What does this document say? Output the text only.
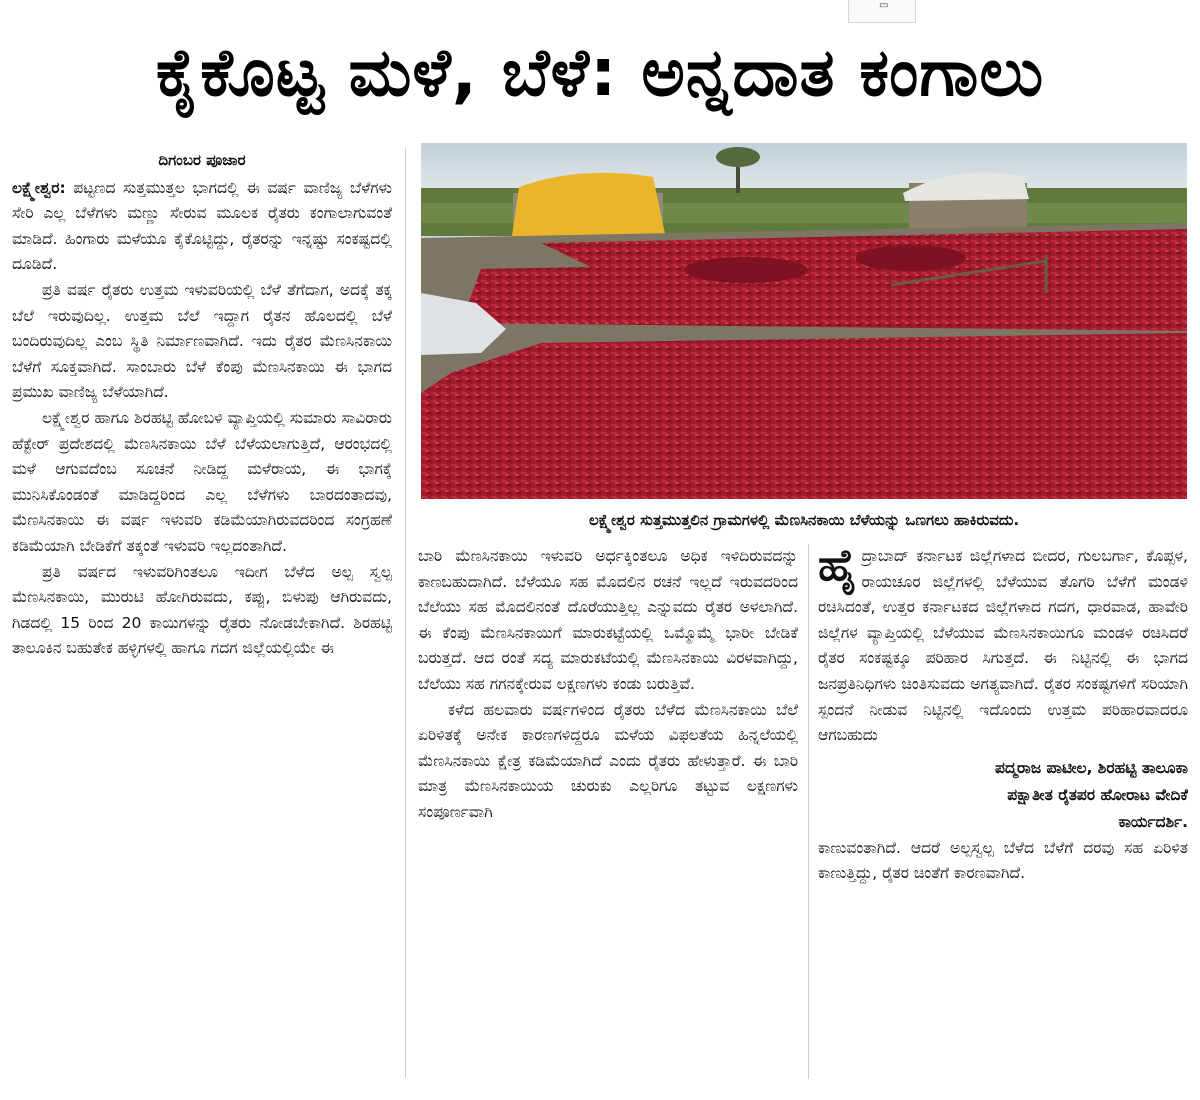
▭
ಕೈಕೊಟ್ಟ ಮಳೆ, ಬೆಳೆ: ಅನ್ನದಾತ ಕಂಗಾಲು
ದಿಗಂಬರ ಪೂಜಾರ

ಲಕ್ಷ್ಮೇಶ್ವರ: ಪಟ್ಟಣದ ಸುತ್ತಮುತ್ತಲ ಭಾಗದಲ್ಲಿ ಈ ವರ್ಷ ವಾಣಿಜ್ಯ ಬೆಳೆಗಳು ಸೇರಿ ಎಲ್ಲ ಬೆಳೆಗಳು ಮಣ್ಣು ಸೇರುವ ಮೂಲಕ ರೈತರು ಕಂಗಾಲಾಗುವಂತೆ ಮಾಡಿದೆ. ಹಿಂಗಾರು ಮಳೆಯೂ ಕೈಕೊಟ್ಟಿದ್ದು, ರೈತರನ್ನು ಇನ್ನಷ್ಟು ಸಂಕಷ್ಟದಲ್ಲಿ ದೂಡಿದೆ.

ಪ್ರತಿ ವರ್ಷ ರೈತರು ಉತ್ತಮ ಇಳುವರಿಯಲ್ಲಿ ಬೆಳೆ ತೆಗೆದಾಗ, ಅದಕ್ಕೆ ತಕ್ಕ ಬೆಲೆ ಇರುವುದಿಲ್ಲ. ಉತ್ತಮ ಬೆಲೆ ಇದ್ದಾಗ ರೈತನ ಹೊಲದಲ್ಲಿ ಬೆಳೆ ಬಂದಿರುವುದಿಲ್ಲ ಎಂಬ ಸ್ಥಿತಿ ನಿರ್ಮಾಣವಾಗಿದೆ. ಇದು ರೈತರ ಮೆಣಸಿನಕಾಯಿ ಬೆಳೆಗೆ ಸೂಕ್ತವಾಗಿದೆ. ಸಾಂಬಾರು ಬೆಳೆ ಕೆಂಪು ಮೆಣಸಿನಕಾಯಿ ಈ ಭಾಗದ ಪ್ರಮುಖ ವಾಣಿಜ್ಯ ಬೆಳೆಯಾಗಿದೆ.

ಲಕ್ಷ್ಮೇಶ್ವರ ಹಾಗೂ ಶಿರಹಟ್ಟಿ ಹೋಬಳಿ ವ್ಯಾಪ್ತಿಯಲ್ಲಿ ಸುಮಾರು ಸಾವಿರಾರು ಹೆಕ್ಟೇರ್ ಪ್ರದೇಶದಲ್ಲಿ ಮೆಣಸಿನಕಾಯಿ ಬೆಳೆ ಬೆಳೆಯಲಾಗುತ್ತಿದೆ, ಆರಂಭದಲ್ಲಿ ಮಳೆ ಆಗುವದೆಂಬ ಸೂಚನೆ ನೀಡಿದ್ದ ಮಳೆರಾಯ, ಈ ಭಾಗಕ್ಕೆ ಮುನಿಸಿಕೊಂಡಂತೆ ಮಾಡಿದ್ದರಿಂದ ಎಲ್ಲ ಬೆಳೆಗಳು ಬಾರದಂತಾದವು, ಮೆಣಸಿನಕಾಯಿ ಈ ವರ್ಷ ಇಳುವರಿ ಕಡಿಮೆಯಾಗಿರುವದರಿಂದ ಸಂಗ್ರಹಣೆ ಕಡಿಮೆಯಾಗಿ ಬೇಡಿಕೆಗೆ ತಕ್ಕಂತೆ ಇಳುವರಿ ಇಲ್ಲದಂತಾಗಿದೆ.

ಪ್ರತಿ ವರ್ಷದ ಇಳುವರಿಗಿಂತಲೂ ಇದೀಗ ಬೆಳೆದ ಅಲ್ಪ ಸ್ವಲ್ಪ ಮೆಣಸಿನಕಾಯಿ, ಮುರುಟಿ ಹೋಗಿರುವದು, ಕಪ್ಪು, ಬಿಳುಪು ಆಗಿರುವದು, ಗಿಡದಲ್ಲಿ 15 ರಿಂದ 20 ಕಾಯಿಗಳನ್ನು ರೈತರು ನೋಡಬೇಕಾಗಿದೆ. ಶಿರಹಟ್ಟಿ ತಾಲೂಕಿನ ಬಹುತೇಕ ಹಳ್ಳಿಗಳಲ್ಲಿ ಹಾಗೂ ಗದಗ ಜಿಲ್ಲೆಯಲ್ಲಿಯೇ ಈ

ಲಕ್ಷ್ಮೇಶ್ವರ ಸುತ್ತಮುತ್ತಲಿನ ಗ್ರಾಮಗಳಲ್ಲಿ ಮೆಣಸಿನಕಾಯಿ ಬೆಳೆಯನ್ನು ಒಣಗಲು ಹಾಕಿರುವದು.

ಬಾರಿ ಮೆಣಸಿನಕಾಯಿ ಇಳುವರಿ ಅರ್ಧಕ್ಕಿಂತಲೂ ಅಧಿಕ ಇಳಿದಿರುವದನ್ನು ಕಾಣಬಹುದಾಗಿದೆ. ಬೆಳೆಯೂ ಸಹ ಮೊದಲಿನ ರಚನೆ ಇಲ್ಲದೆ ಇರುವದರಿಂದ ಬೆಲೆಯು ಸಹ ಮೊದಲಿನಂತೆ ದೊರೆಯುತ್ತಿಲ್ಲ ಎನ್ನುವದು ರೈತರ ಅಳಲಾಗಿದೆ. ಈ ಕೆಂಪು ಮೆಣಸಿನಕಾಯಿಗೆ ಮಾರುಕಟ್ಟೆಯಲ್ಲಿ ಒಮ್ಮೊಮ್ಮೆ ಭಾರೀ ಬೇಡಿಕೆ ಬರುತ್ತದೆ. ಆದ ರಂತೆ ಸದ್ಯ ಮಾರುಕಟೆಯಲ್ಲಿ ಮೆಣಸಿನಕಾಯಿ ವಿರಳವಾಗಿದ್ದು, ಬೆಲೆಯು ಸಹ ಗಗನಕ್ಕೇರುವ ಲಕ್ಷಣಗಳು ಕಂಡು ಬರುತ್ತಿವೆ.

ಕಳೆದ ಹಲವಾರು ವರ್ಷಗಳಿಂದ ರೈತರು ಬೆಳೆದ ಮೆಣಸಿನಕಾಯಿ ಬೆಲೆ ಏರಿಳಿತಕ್ಕೆ ಅನೇಕ ಕಾರಣಗಳಿದ್ದರೂ ಮಳೆಯ ವಿಫಲತೆಯ ಹಿನ್ನಲೆಯಲ್ಲಿ ಮೆಣಸಿನಕಾಯಿ ಕ್ಷೇತ್ರ ಕಡಿಮೆಯಾಗಿದೆ ಎಂದು ರೈತರು ಹೇಳುತ್ತಾರೆ. ಈ ಬಾರಿ ಮಾತ್ರ ಮೆಣಸಿನಕಾಯಿಯ ಚುರುಕು ಎಲ್ಲರಿಗೂ ತಟ್ಟುವ ಲಕ್ಷಣಗಳು ಸಂಪೂರ್ಣವಾಗಿ

ಹೈದ್ರಾಬಾದ್ ಕರ್ನಾಟಕ ಜಿಲ್ಲೆಗಳಾದ ಬೀದರ, ಗುಲಬರ್ಗಾ, ಕೊಪ್ಪಳ, ರಾಯಚೂರ ಜಿಲ್ಲೆಗಳಲ್ಲಿ ಬೆಳೆಯುವ ತೊಗರಿ ಬೆಳೆಗೆ ಮಂಡಳಿ ರಚಿಸಿದಂತೆ, ಉತ್ತರ ಕರ್ನಾಟಕದ ಜಿಲ್ಲೆಗಳಾದ ಗದಗ, ಧಾರವಾಡ, ಹಾವೇರಿ ಜಿಲ್ಲೆಗಳ ವ್ಯಾಪ್ತಿಯಲ್ಲಿ ಬೆಳೆಯುವ ಮೆಣಸಿನಕಾಯಿಗೂ ಮಂಡಳಿ ರಚಿಸಿದರೆ ರೈತರ ಸಂಕಷ್ಟಕ್ಕೂ ಪರಿಹಾರ ಸಿಗುತ್ತದೆ. ಈ ನಿಟ್ಟಿನಲ್ಲಿ ಈ ಭಾಗದ ಜನಪ್ರತಿನಿಧಿಗಳು ಚಿಂತಿಸುವದು ಅಗತ್ಯವಾಗಿದೆ. ರೈತರ ಸಂಕಷ್ಟಗಳಿಗೆ ಸರಿಯಾಗಿ ಸ್ಪಂದನೆ ನೀಡುವ ನಿಟ್ಟಿನಲ್ಲಿ ಇದೊಂದು ಉತ್ತಮ ಪರಿಹಾರವಾದರೂ ಆಗಬಹುದು

ಪದ್ಮರಾಜ ಪಾಟೀಲ, ಶಿರಹಟ್ಟಿ ತಾಲೂಕಾ
ಪಕ್ಷಾತೀತ ರೈತಪರ ಹೋರಾಟ ವೇದಿಕೆ
ಕಾರ್ಯದರ್ಶಿ.

ಕಾಣುವಂತಾಗಿದೆ. ಆದರೆ ಅಲ್ಪಸ್ವಲ್ಪ ಬೆಳೆದ ಬೆಳೆಗೆ ದರವು ಸಹ ಏರಿಳಿತ ಕಾಣುತ್ತಿದ್ದು, ರೈತರ ಚಿಂತೆಗೆ ಕಾರಣವಾಗಿದೆ.
